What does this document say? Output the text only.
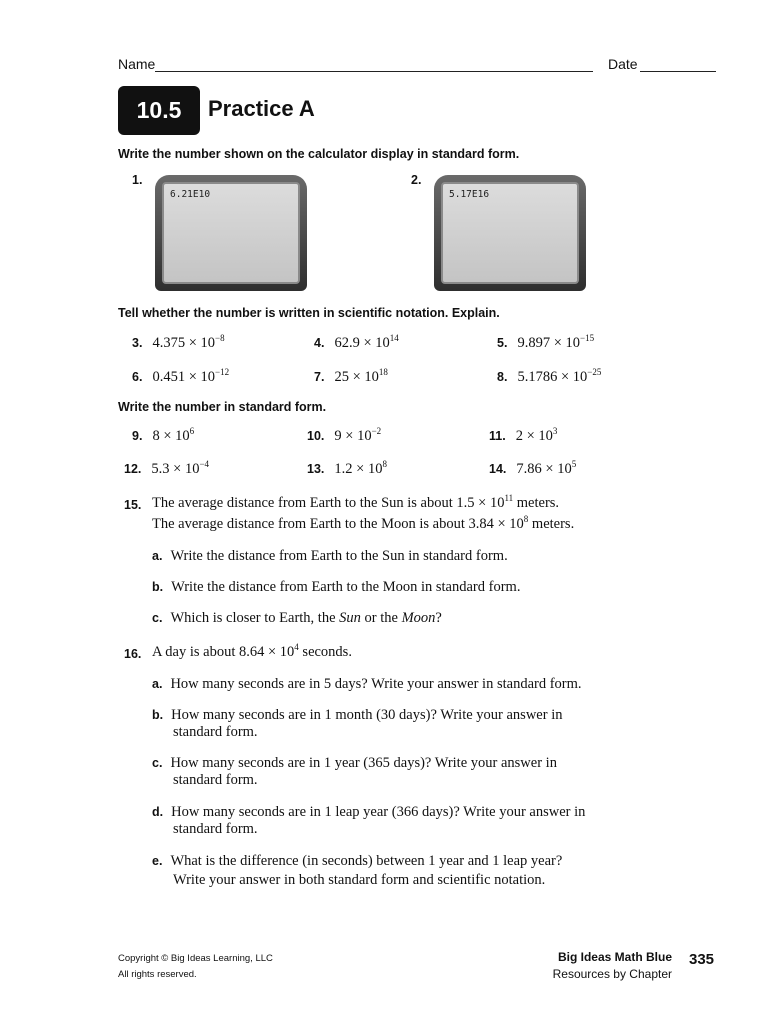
Name	Date
10.5	Practice A
Write the number shown on the calculator display in standard form.
1.
6.21E10
2.
5.17E16
Tell whether the number is written in scientific notation. Explain.
3. $4.375 \times 10^{-8}$	4. $62.9 \times 10^{14}$	5. $9.897 \times 10^{-15}$
6. $0.451 \times 10^{-12}$	7. $25 \times 10^{18}$	8. $5.1786 \times 10^{-25}$
Write the number in standard form.
9. $8 \times 10^6$	10. $9 \times 10^{-2}$	11. $2 \times 10^3$
12. $5.3 \times 10^{-4}$	13. $1.2 \times 10^8$	14. $7.86 \times 10^5$
15. The average distance from Earth to the Sun is about $1.5 \times 10^{11}$ meters.
The average distance from Earth to the Moon is about $3.84 \times 10^8$ meters.
a. Write the distance from Earth to the Sun in standard form.
b. Write the distance from Earth to the Moon in standard form.
c. Which is closer to Earth, the Sun or the Moon?
16. A day is about $8.64 \times 10^4$ seconds.
a. How many seconds are in 5 days? Write your answer in standard form.
b. How many seconds are in 1 month (30 days)? Write your answer in
standard form.
c. How many seconds are in 1 year (365 days)? Write your answer in
standard form.
d. How many seconds are in 1 leap year (366 days)? Write your answer in
standard form.
e. What is the difference (in seconds) between 1 year and 1 leap year?
Write your answer in both standard form and scientific notation.
Copyright © Big Ideas Learning, LLC
All rights reserved.
Big Ideas Math Blue
Resources by Chapter
335
